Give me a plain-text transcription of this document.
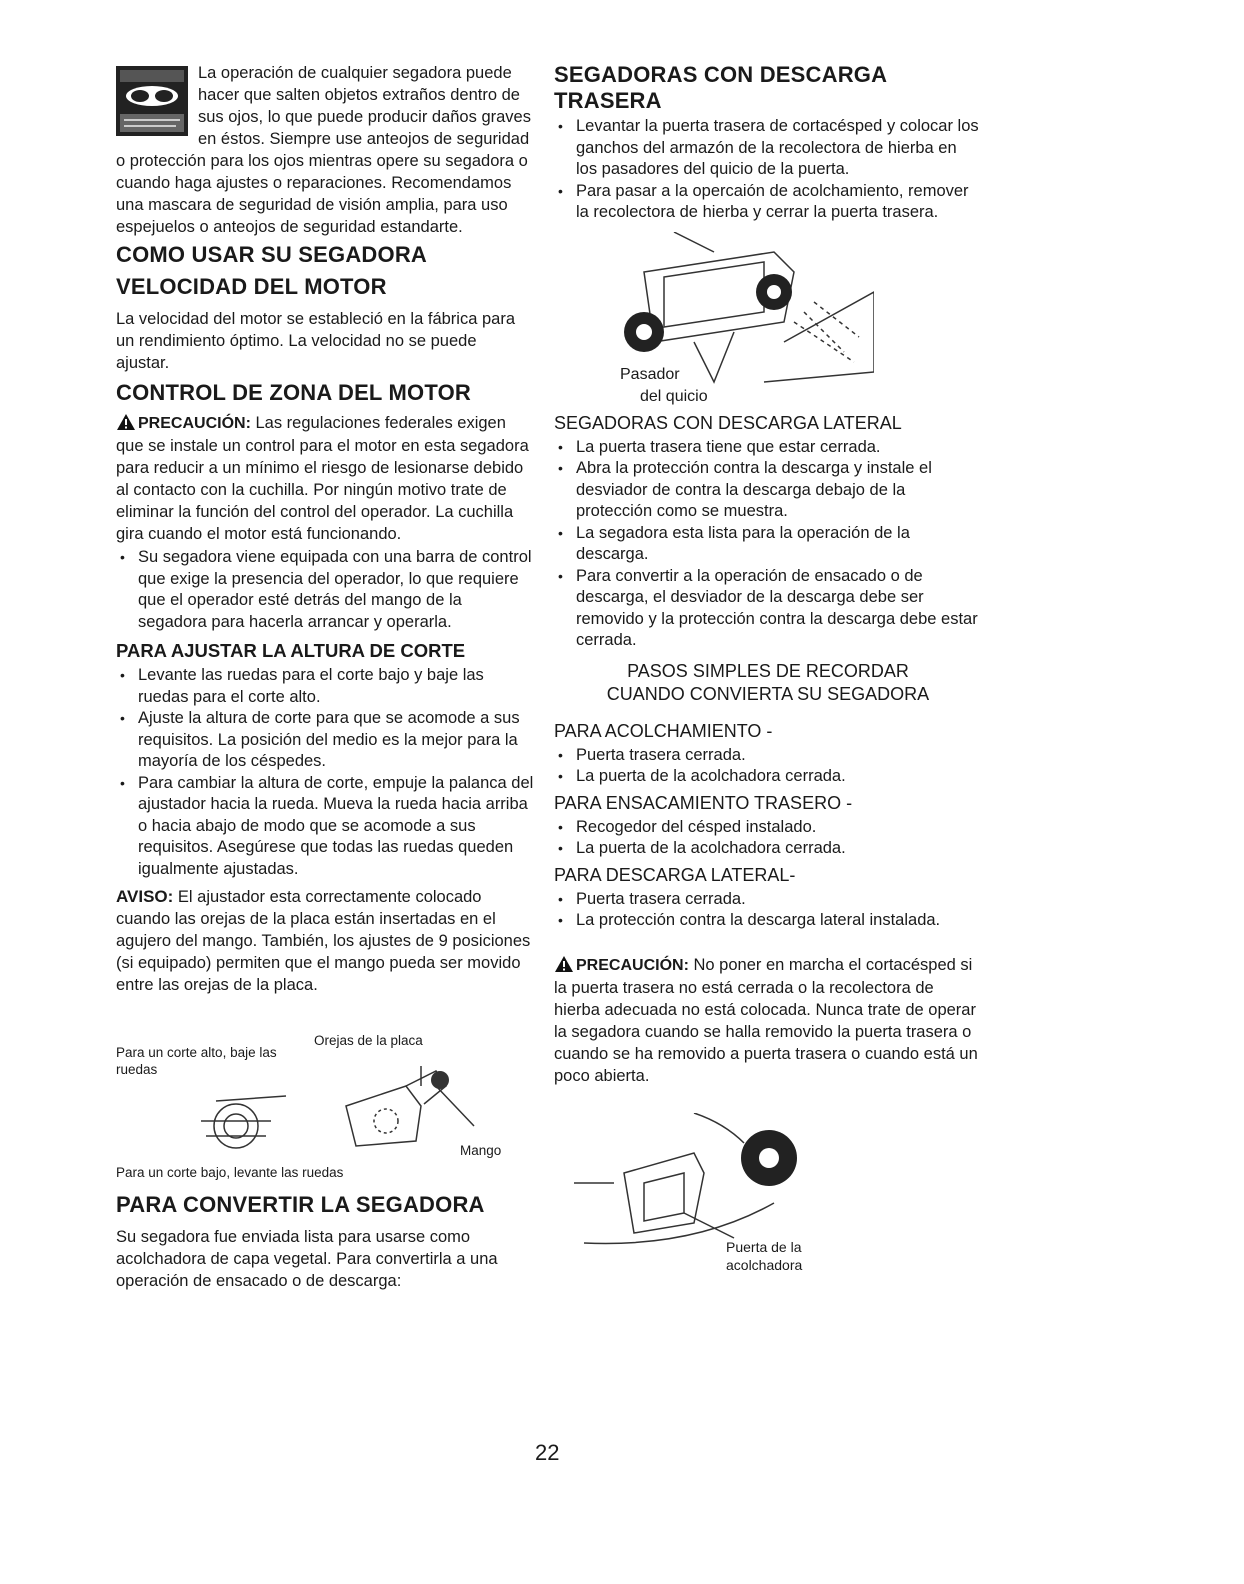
La operación de cualquier segadora puede hacer que salten objetos extraños dentro de sus ojos, lo que puede producir daños graves en éstos. Siempre use anteojos de seguridad o protección para los ojos mientras opere su segadora o cuando haga ajustes o reparaciones. Recomendamos una mascara de seguridad de visión amplia, para uso espejuelos o anteojos de seguridad estandarte.

COMO USAR SU SEGADORA
VELOCIDAD DEL MOTOR

La velocidad del motor se estableció en la fábrica para un rendimiento óptimo. La velocidad no se puede ajustar.

CONTROL DE ZONA DEL MOTOR

PRECAUCIÓN: Las regulaciones federales exigen que se instale un control para el motor en esta segadora para reducir a un mínimo el riesgo de lesionarse debido al contacto con la cuchilla. Por ningún motivo trate de eliminar la función del control del operador. La cuchilla gira cuando el motor está funcionando.

• Su segadora viene equipada con una barra de control que exige la presencia del operador, lo que requiere que el operador esté detrás del mango de la segadora para hacerla arrancar y operarla.
PARA AJUSTAR LA ALTURA DE CORTE
• Levante las ruedas para el corte bajo y baje las ruedas para el corte alto.
• Ajuste la altura de corte para que se acomode a sus requisitos. La posición del medio es la mejor para la mayoría de los céspedes.
• Para cambiar la altura de corte, empuje la palanca del ajustador hacia la rueda. Mueva la rueda hacia arriba o hacia abajo de modo que se acomode a sus requisitos. Asegúrese que todas las ruedas queden igualmente ajustadas.

AVISO: El ajustador esta correctamente colocado cuando las orejas de la placa están insertadas en el agujero del mango. También, los ajustes de 9 posiciones (si equipado) permiten que el mango pueda ser movido entre las orejas de la placa.

Para un corte alto, baje las ruedas
Orejas de la placa
Mango
Para un corte bajo, levante las ruedas
PARA CONVERTIR LA SEGADORA

Su segadora fue enviada lista para usarse como acolchadora de capa vegetal. Para convertirla a una operación de ensacado o de descarga:

SEGADORAS CON DESCARGA TRASERA
• Levantar la puerta trasera de cortacésped y colocar los ganchos del armazón de la recolectora de hierba en los pasadores del quicio de la puerta.
• Para pasar a la opercaión de acolchamiento, remover la recolectora de hierba y cerrar la puerta trasera.
Pasador
del quicio
SEGADORAS CON DESCARGA LATERAL
• La puerta trasera tiene que estar cerrada.
• Abra la protección contra la descarga y instale el desviador de contra la descarga debajo de la protección como se muestra.
• La segadora esta lista para la operación de la descarga.
• Para convertir a la operación de ensacado o de descarga, el desviador de la descarga debe ser removido y la protección contra la descarga debe estar cerrada.
PASOS SIMPLES DE RECORDAR
CUANDO CONVIERTA SU SEGADORA
PARA ACOLCHAMIENTO -
• Puerta trasera cerrada.
• La puerta de la acolchadora cerrada.
PARA ENSACAMIENTO TRASERO -
• Recogedor del césped instalado.
• La puerta de la acolchadora cerrada.
PARA DESCARGA LATERAL-
• Puerta trasera cerrada.
• La protección contra la descarga lateral instalada.

PRECAUCIÓN: No poner en marcha el cortacésped si la puerta trasera no está cerrada o la recolectora de hierba adecuada no está colocada. Nunca trate de operar la segadora cuando se halla removido la puerta trasera o cuando se ha removido a puerta trasera o cuando está un poco abierta.

Puerta de la
acolchadora
22
